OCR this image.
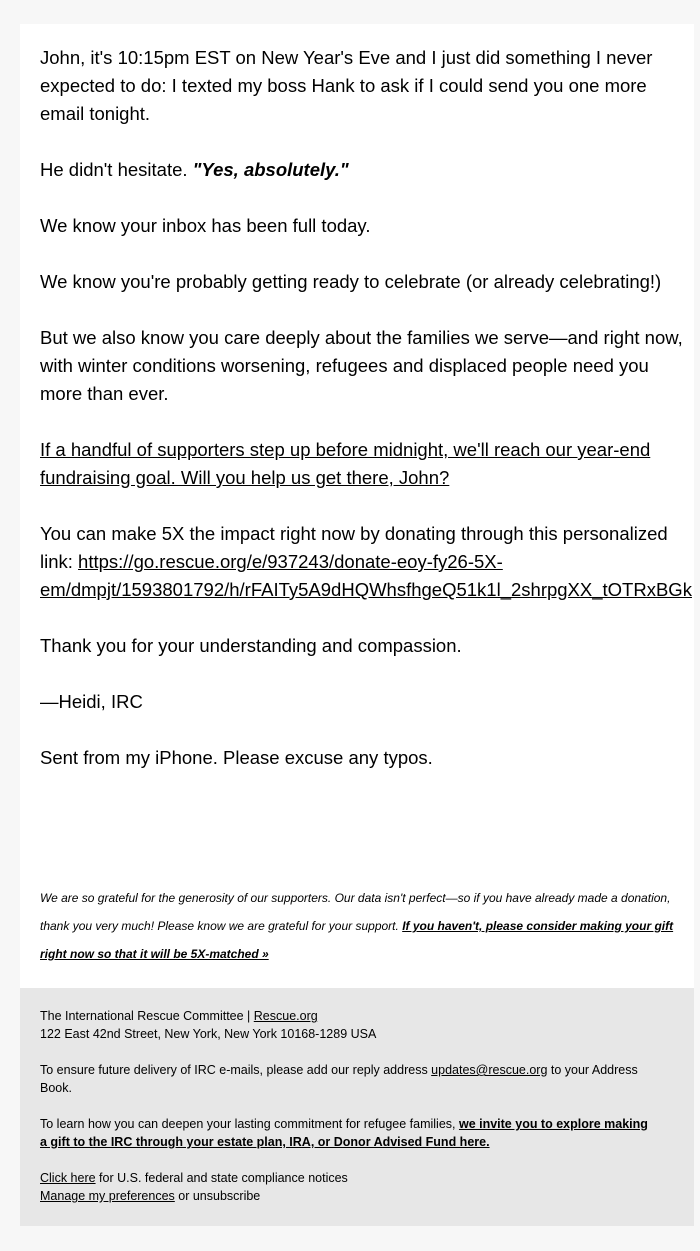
John, it's 10:15pm EST on New Year's Eve and I just did something I never
expected to do: I texted my boss Hank to ask if I could send you one more
email tonight.

He didn't hesitate. "Yes, absolutely."

We know your inbox has been full today.

We know you're probably getting ready to celebrate (or already celebrating!)

But we also know you care deeply about the families we serve—and right now,
with winter conditions worsening, refugees and displaced people need you
more than ever.

If a handful of supporters step up before midnight, we'll reach our year-end
fundraising goal. Will you help us get there, John?

You can make 5X the impact right now by donating through this personalized
link: https://go.rescue.org/e/937243/donate-eoy-fy26-5X-
em/dmpjt/1593801792/h/rFAITy5A9dHQWhsfhgeQ51k1l_2shrpgXX_tOTRxBGk

Thank you for your understanding and compassion.

—Heidi, IRC

Sent from my iPhone. Please excuse any typos.

We are so grateful for the generosity of our supporters. Our data isn't perfect—so if you have already made a donation,
thank you very much! Please know we are grateful for your support. If you haven't, please consider making your gift
right now so that it will be 5X-matched »

The International Rescue Committee | Rescue.org
122 East 42nd Street, New York, New York 10168-1289 USA

To ensure future delivery of IRC e-mails, please add our reply address updates@rescue.org to your Address
Book.

To learn how you can deepen your lasting commitment for refugee families, we invite you to explore making
a gift to the IRC through your estate plan, IRA, or Donor Advised Fund here.

Click here for U.S. federal and state compliance notices
Manage my preferences or unsubscribe
